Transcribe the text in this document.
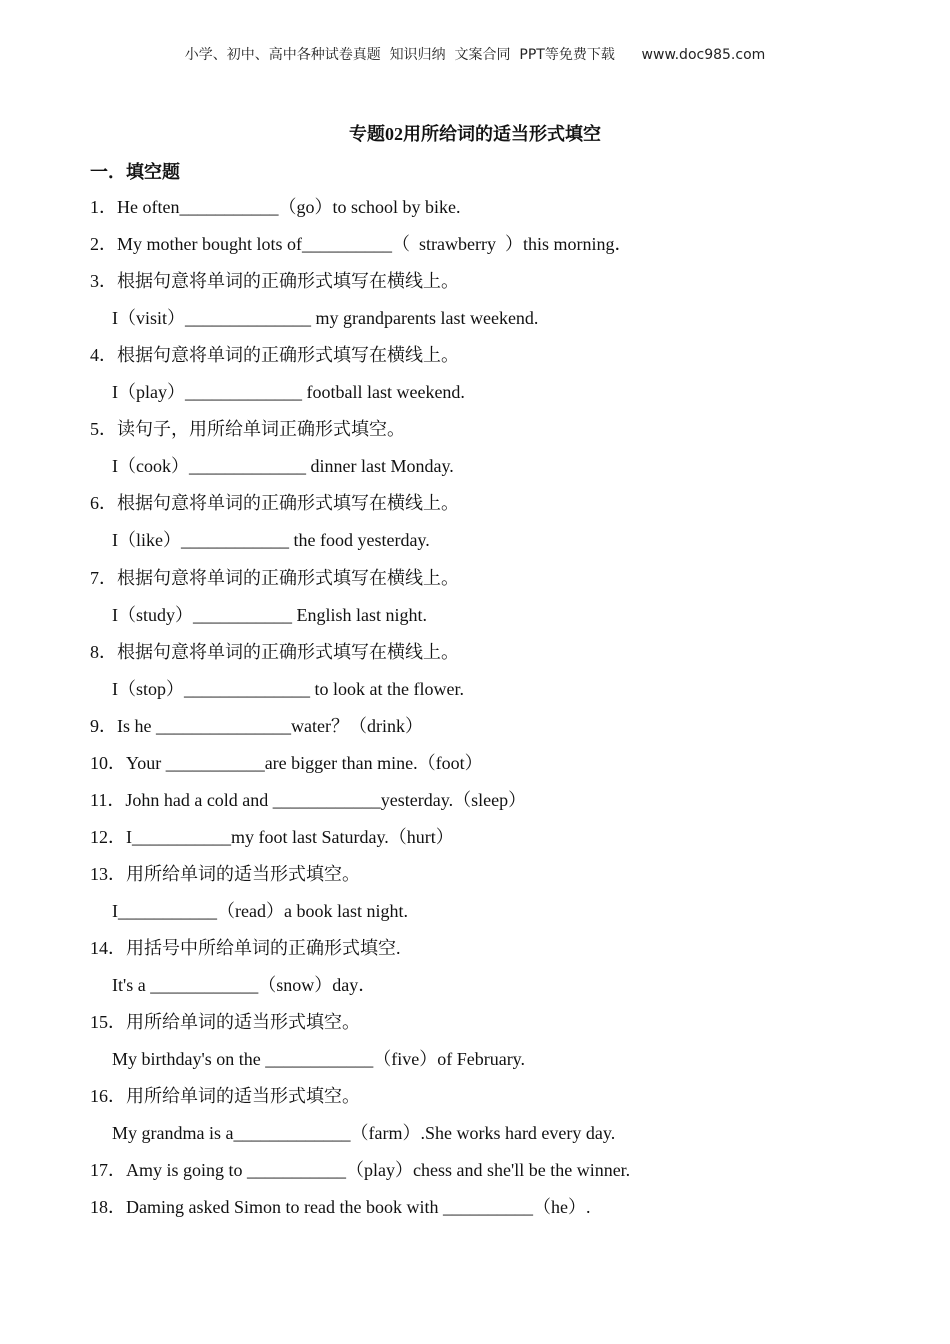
小学、初中、高中各种试卷真题  知识归纳  文案合同  PPT等免费下载      www.doc985.com
专题02用所给词的适当形式填空
一．填空题
1．He often___________（go）to school by bike.
2．My mother bought lots of__________（  strawberry  ）this morning．
3．根据句意将单词的正确形式填写在横线上。
I（visit）______________ my grandparents last weekend.
4．根据句意将单词的正确形式填写在横线上。
I（play）_____________ football last weekend.
5．读句子，用所给单词正确形式填空。
I（cook）_____________ dinner last Monday.
6．根据句意将单词的正确形式填写在横线上。
I（like）____________ the food yesterday.
7．根据句意将单词的正确形式填写在横线上。
I（study）___________ English last night.
8．根据句意将单词的正确形式填写在横线上。
I（stop）______________ to look at the flower.
9．Is he _______________water？（drink）
10．Your ___________are bigger than mine.（foot）
11．John had a cold and ____________yesterday.（sleep）
12．I___________my foot last Saturday.（hurt）
13．用所给单词的适当形式填空。
I___________（read）a book last night.
14．用括号中所给单词的正确形式填空.
It's a ____________（snow）day．
15．用所给单词的适当形式填空。
My birthday's on the ____________（five）of February.
16．用所给单词的适当形式填空。
My grandma is a_____________（farm）.She works hard every day.
17．Amy is going to ___________（play）chess and she'll be the winner.
18．Daming asked Simon to read the book with __________（he）.
